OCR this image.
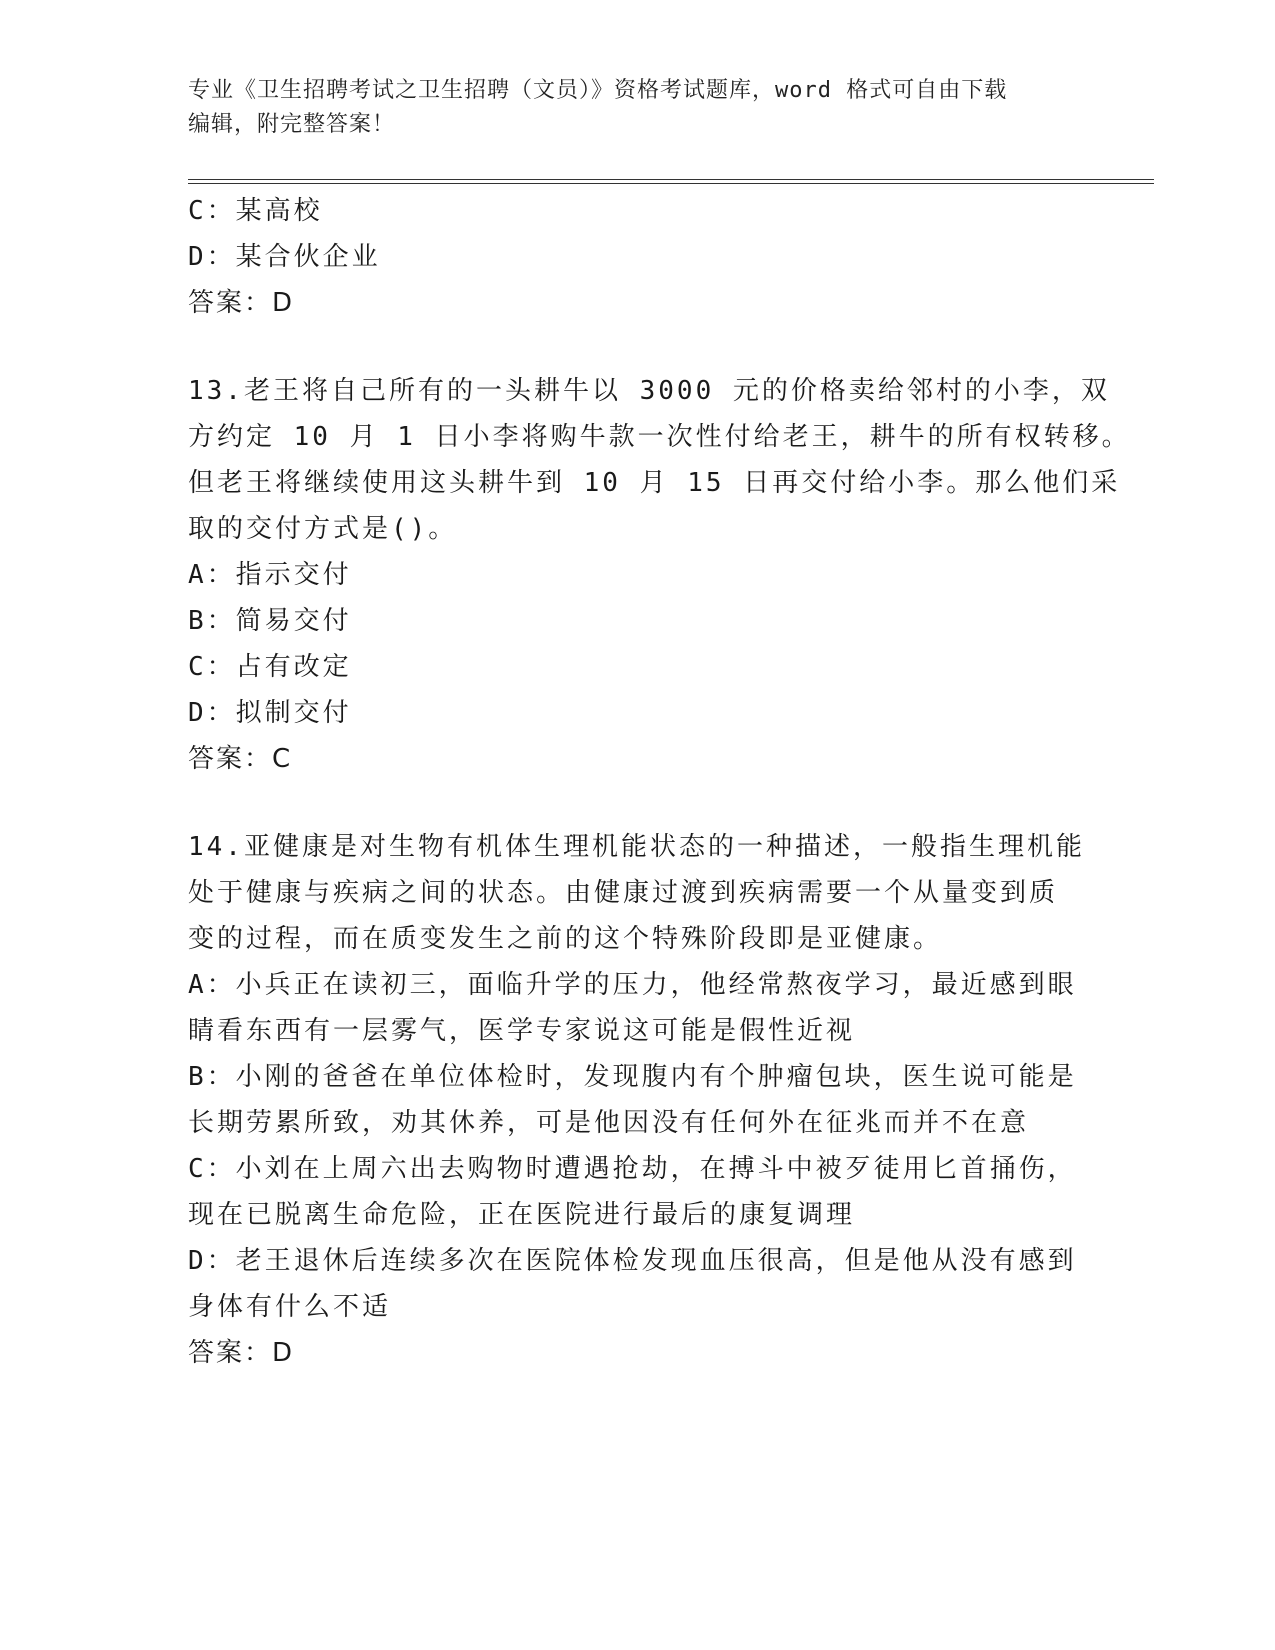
专业《卫生招聘考试之卫生招聘（文员）》资格考试题库，word 格式可自由下载
编辑，附完整答案！
C：某高校
D：某合伙企业
答案：D
13.老王将自己所有的一头耕牛以 3000 元的价格卖给邻村的小李，双
方约定 10 月 1 日小李将购牛款一次性付给老王，耕牛的所有权转移。
但老王将继续使用这头耕牛到 10 月 15 日再交付给小李。那么他们采
取的交付方式是()。
A：指示交付
B：简易交付
C：占有改定
D：拟制交付
答案：C
14.亚健康是对生物有机体生理机能状态的一种描述，一般指生理机能
处于健康与疾病之间的状态。由健康过渡到疾病需要一个从量变到质
变的过程，而在质变发生之前的这个特殊阶段即是亚健康。
A：小兵正在读初三，面临升学的压力，他经常熬夜学习，最近感到眼
睛看东西有一层雾气，医学专家说这可能是假性近视
B：小刚的爸爸在单位体检时，发现腹内有个肿瘤包块，医生说可能是
长期劳累所致，劝其休养，可是他因没有任何外在征兆而并不在意
C：小刘在上周六出去购物时遭遇抢劫，在搏斗中被歹徒用匕首捅伤，
现在已脱离生命危险，正在医院进行最后的康复调理
D：老王退休后连续多次在医院体检发现血压很高，但是他从没有感到
身体有什么不适
答案：D
